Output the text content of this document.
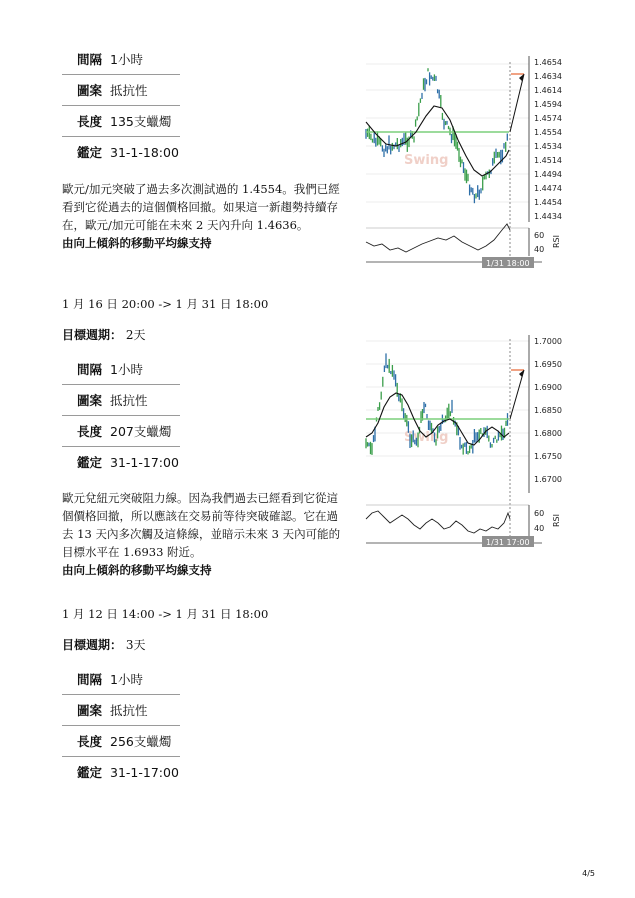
間隔	1小時
圖案	抵抗性
長度	135支蠟燭
鑑定	31-1-18:00
歐元/加元突破了過去多次測試過的 1.4554。我們已經看到它從過去的這個價格回撤。如果這一新趨勢持續存在，歐元/加元可能在未來 2 天內升向 1.4636。
由向上傾斜的移動平均線支持
Swing
1.4654
1.4634
1.4614
1.4594
1.4574
1.4554
1.4534
1.4514
1.4494
1.4474
1.4454
1.4434
60
40
RSI
1/31 18:00
1 月 16 日 20:00 -> 1 月 31 日 18:00
目標週期： 2天
間隔	1小時
圖案	抵抗性
長度	207支蠟燭
鑑定	31-1-17:00
歐元兌紐元突破阻力線。因為我們過去已經看到它從這個價格回撤，所以應該在交易前等待突破確認。它在過去 13 天內多次觸及這條線，並暗示未來 3 天內可能的目標水平在 1.6933 附近。
由向上傾斜的移動平均線支持
Swing
1.7000
1.6950
1.6900
1.6850
1.6800
1.6750
1.6700
60
40
RSI
1/31 17:00
1 月 12 日 14:00 -> 1 月 31 日 18:00
目標週期： 3天
間隔	1小時
圖案	抵抗性
長度	256支蠟燭
鑑定	31-1-17:00
4/5
